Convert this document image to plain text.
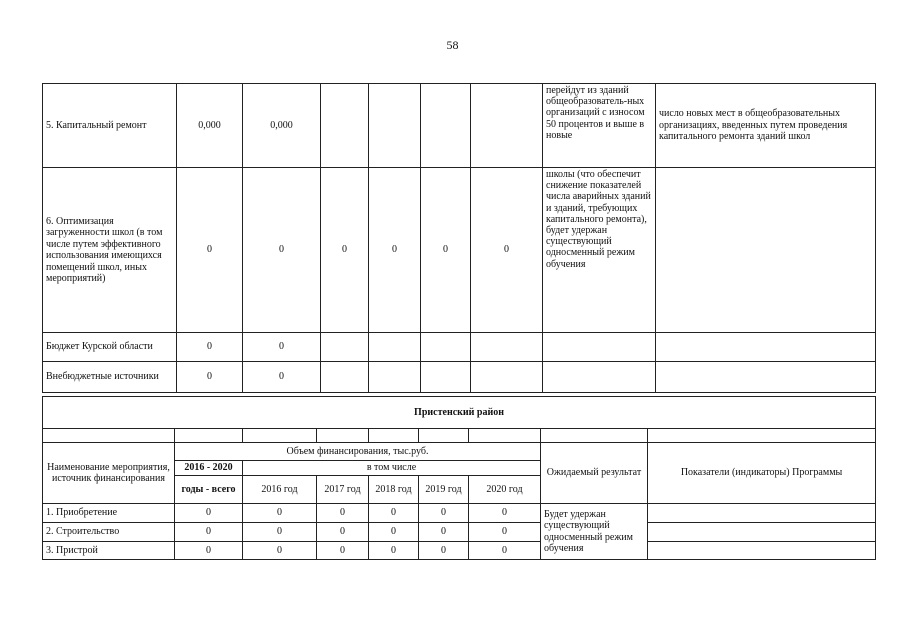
58
5. Капитальный ремонт	0,000	0,000					перейдут из зданий общеобразователь-ных организаций с износом 50 процентов и выше в новые	число новых мест в общеобразовательных организациях, введенных путем проведения капитального ремонта зданий школ
6. Оптимизация загруженности школ (в том числе путем эффективного использования имеющихся помещений школ, иных мероприятий)	0	0	0	0	0	0	школы (что обеспечит снижение показателей числа аварийных зданий и зданий, требующих капитального ремонта), будет удержан существующий односменный режим обучения	
Бюджет Курской области	0	0						
Внебюджетные источники	0	0						
Пристенский район								

Наименование мероприятия, источник финансирования	Объем финансирования, тыс.руб.						Ожидаемый результат	Показатели (индикаторы) Программы
	2016 - 2020	в том числе						
	годы - всего	2016 год	2017 год	2018 год	2019 год	2020 год		
1. Приобретение	0	0	0	0	0	0	Будет удержан существующий односменный режим обучения	
2. Строительство	0	0	0	0	0	0		
3. Пристрой	0	0	0	0	0	0		
